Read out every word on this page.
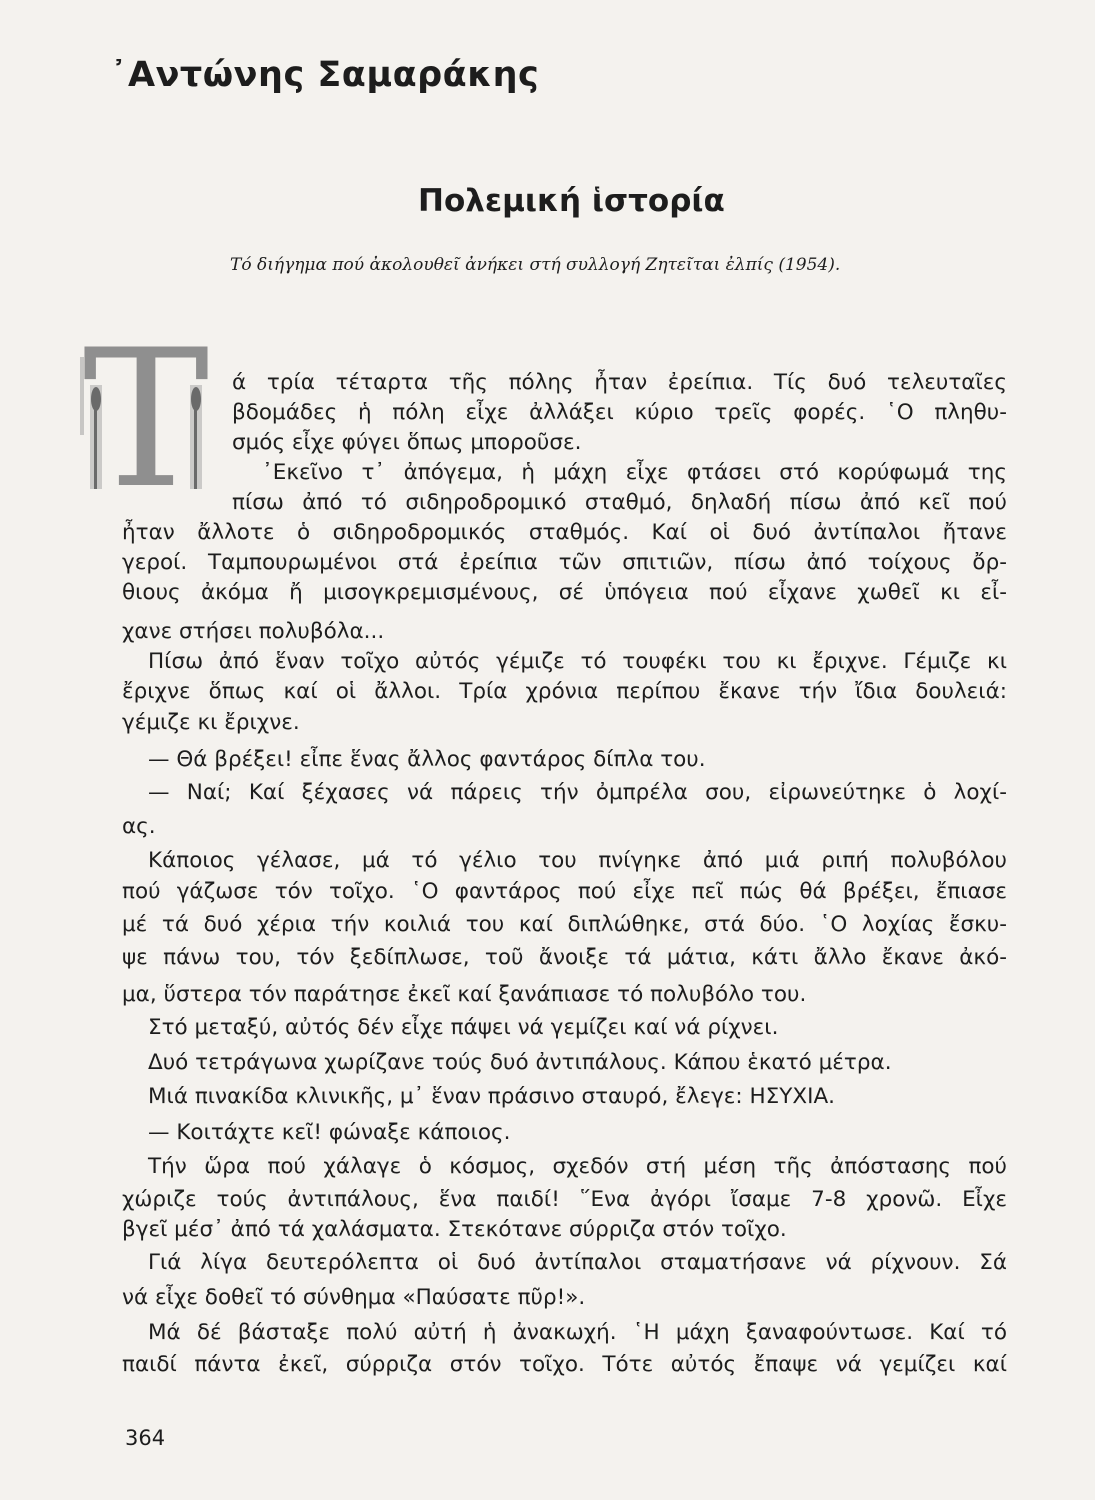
᾿Αντώνης Σαμαράκης
Πολεμική ἱστορία
Τό διήγημα πού ἀκολουθεῖ ἀνήκει στή συλλογή Ζητεῖται ἐλπίς (1954).
Τ ά τρία τέταρτα τῆς πόλης ἦταν ἐρείπια. Τίς δυό τελευταῖες
βδομάδες ἡ πόλη εἶχε ἀλλάξει κύριο τρεῖς φορές. ῾Ο πληθυ-
σμός εἶχε φύγει ὅπως μποροῦσε.
᾿Εκεῖνο τ᾿ ἀπόγεμα, ἡ μάχη εἶχε φτάσει στό κορύφωμά της
πίσω ἀπό τό σιδηροδρομικό σταθμό, δηλαδή πίσω ἀπό κεῖ πού
ἦταν ἄλλοτε ὁ σιδηροδρομικός σταθμός. Καί οἱ δυό ἀντίπαλοι ἤτανε
γεροί. Ταμπουρωμένοι στά ἐρείπια τῶν σπιτιῶν, πίσω ἀπό τοίχους ὄρ-
θιους ἀκόμα ἤ μισογκρεμισμένους, σέ ὑπόγεια πού εἶχανε χωθεῖ κι εἶ-
χανε στήσει πολυβόλα...
Πίσω ἀπό ἕναν τοῖχο αὐτός γέμιζε τό τουφέκι του κι ἔριχνε. Γέμιζε κι
ἔριχνε ὅπως καί οἱ ἄλλοι. Τρία χρόνια περίπου ἔκανε τήν ἴδια δουλειά:
γέμιζε κι ἔριχνε.
— Θά βρέξει! εἶπε ἕνας ἄλλος φαντάρος δίπλα του.
— Ναί; Καί ξέχασες νά πάρεις τήν ὀμπρέλα σου, εἰρωνεύτηκε ὁ λοχί-
ας.
Κάποιος γέλασε, μά τό γέλιο του πνίγηκε ἀπό μιά ριπή πολυβόλου
πού γάζωσε τόν τοῖχο. ῾Ο φαντάρος πού εἶχε πεῖ πώς θά βρέξει, ἔπιασε
μέ τά δυό χέρια τήν κοιλιά του καί διπλώθηκε, στά δύο. ῾Ο λοχίας ἔσκυ-
ψε πάνω του, τόν ξεδίπλωσε, τοῦ ἄνοιξε τά μάτια, κάτι ἄλλο ἔκανε ἀκό-
μα, ὕστερα τόν παράτησε ἐκεῖ καί ξανάπιασε τό πολυβόλο του.
Στό μεταξύ, αὐτός δέν εἶχε πάψει νά γεμίζει καί νά ρίχνει.
Δυό τετράγωνα χωρίζανε τούς δυό ἀντιπάλους. Κάπου ἑκατό μέτρα.
Μιά πινακίδα κλινικῆς, μ᾿ ἕναν πράσινο σταυρό, ἔλεγε: ΗΣΥΧΙΑ.
— Κοιτάχτε κεῖ! φώναξε κάποιος.
Τήν ὥρα πού χάλαγε ὁ κόσμος, σχεδόν στή μέση τῆς ἀπόστασης πού
χώριζε τούς ἀντιπάλους, ἕνα παιδί! ῞Ενα ἀγόρι ἴσαμε 7-8 χρονῶ. Εἶχε
βγεῖ μέσ᾿ ἀπό τά χαλάσματα. Στεκότανε σύρριζα στόν τοῖχο.
Γιά λίγα δευτερόλεπτα οἱ δυό ἀντίπαλοι σταματήσανε νά ρίχνουν. Σά
νά εἶχε δοθεῖ τό σύνθημα «Παύσατε πῦρ!».
Μά δέ βάσταξε πολύ αὐτή ἡ ἀνακωχή. ῾Η μάχη ξαναφούντωσε. Καί τό
παιδί πάντα ἐκεῖ, σύρριζα στόν τοῖχο. Τότε αὐτός ἔπαψε νά γεμίζει καί
364
